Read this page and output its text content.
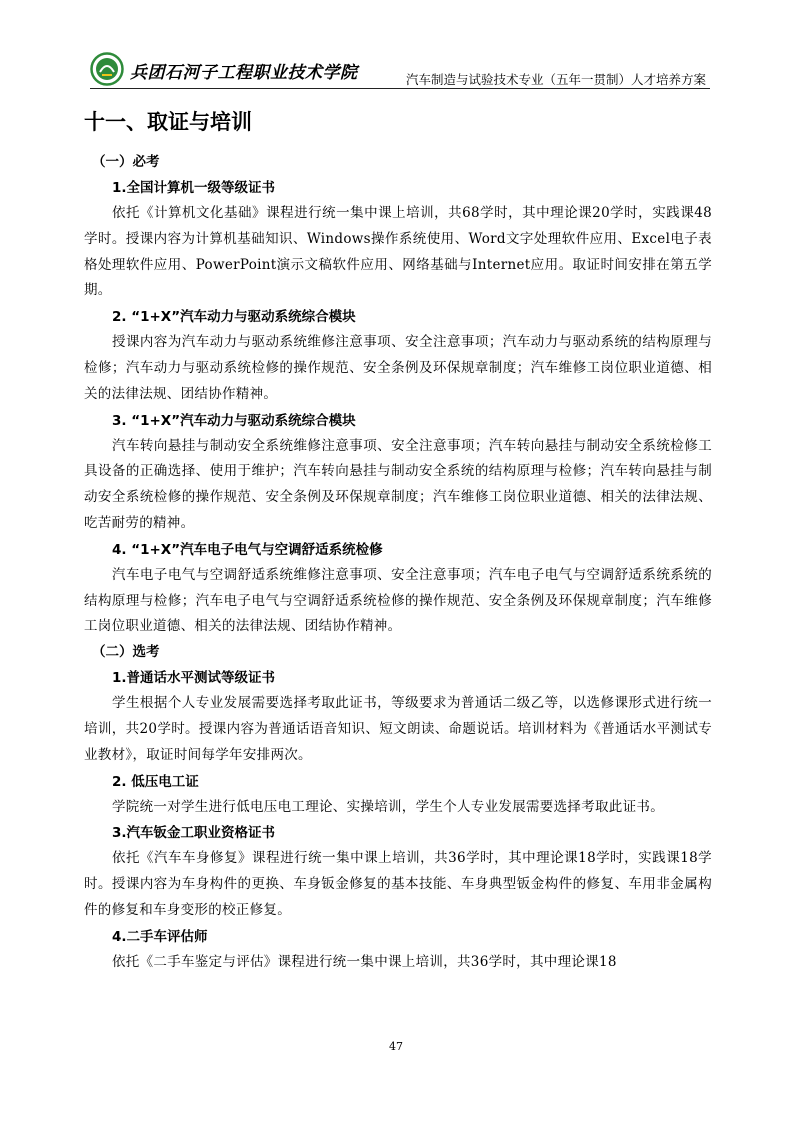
兵团石河子工程职业技术学院	汽车制造与试验技术专业（五年一贯制）人才培养方案
十一、取证与培训

（一）必考

1.全国计算机一级等级证书

依托《计算机文化基础》课程进行统一集中课上培训，共68学时，其中理论课20学时，实践课48学时。授课内容为计算机基础知识、Windows操作系统使用、Word文字处理软件应用、Excel电子表格处理软件应用、PowerPoint演示文稿软件应用、网络基础与Internet应用。取证时间安排在第五学期。

2. “1+X”汽车动力与驱动系统综合模块

授课内容为汽车动力与驱动系统维修注意事项、安全注意事项；汽车动力与驱动系统的结构原理与检修；汽车动力与驱动系统检修的操作规范、安全条例及环保规章制度；汽车维修工岗位职业道德、相关的法律法规、团结协作精神。

3. “1+X”汽车动力与驱动系统综合模块

汽车转向悬挂与制动安全系统维修注意事项、安全注意事项；汽车转向悬挂与制动安全系统检修工具设备的正确选择、使用于维护；汽车转向悬挂与制动安全系统的结构原理与检修；汽车转向悬挂与制动安全系统检修的操作规范、安全条例及环保规章制度；汽车维修工岗位职业道德、相关的法律法规、吃苦耐劳的精神。

4. “1+X”汽车电子电气与空调舒适系统检修

汽车电子电气与空调舒适系统维修注意事项、安全注意事项；汽车电子电气与空调舒适系统系统的结构原理与检修；汽车电子电气与空调舒适系统检修的操作规范、安全条例及环保规章制度；汽车维修工岗位职业道德、相关的法律法规、团结协作精神。

（二）选考

1.普通话水平测试等级证书

学生根据个人专业发展需要选择考取此证书，等级要求为普通话二级乙等，以选修课形式进行统一培训，共20学时。授课内容为普通话语音知识、短文朗读、命题说话。培训材料为《普通话水平测试专业教材》，取证时间每学年安排两次。

2. 低压电工证

学院统一对学生进行低电压电工理论、实操培训，学生个人专业发展需要选择考取此证书。

3.汽车钣金工职业资格证书

依托《汽车车身修复》课程进行统一集中课上培训，共36学时，其中理论课18学时，实践课18学时。授课内容为车身构件的更换、车身钣金修复的基本技能、车身典型钣金构件的修复、车用非金属构件的修复和车身变形的校正修复。

4.二手车评估师

依托《二手车鉴定与评估》课程进行统一集中课上培训，共36学时，其中理论课18

47
